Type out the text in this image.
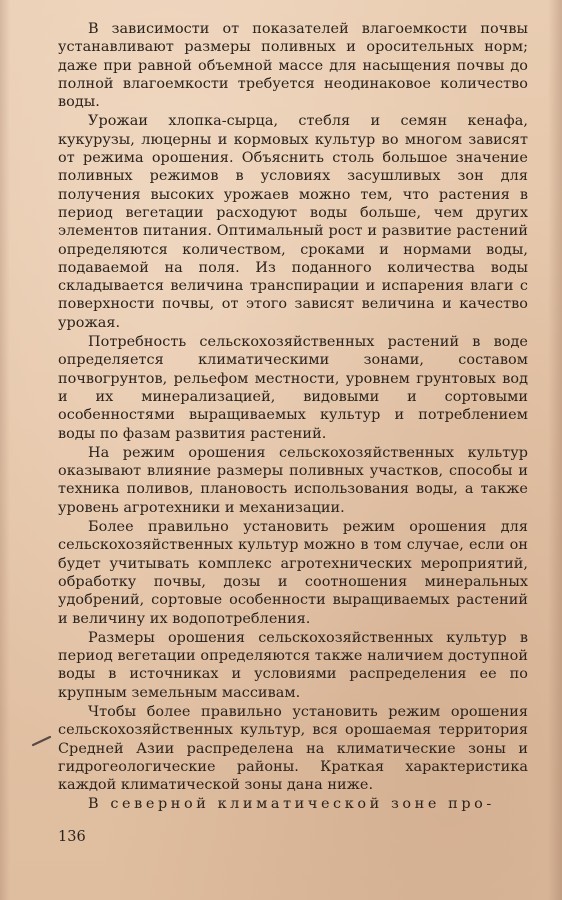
В зависимости от показателей влагоемкости почвы устанавливают размеры поливных и оросительных норм; даже при равной объемной массе для насыщения почвы до полной влагоемкости требуется неодинаковое количество воды.

Урожаи хлопка-сырца, стебля и семян кенафа, кукурузы, люцерны и кормовых культур во многом зависят от режима орошения. Объяснить столь большое значение поливных режимов в условиях засушливых зон для получения высоких урожаев можно тем, что растения в период вегетации расходуют воды больше, чем других элементов питания. Оптимальный рост и развитие растений определяются количеством, сроками и нормами воды, подаваемой на поля. Из поданного количества воды складывается величина транспирации и испарения влаги с поверхности почвы, от этого зависят величина и качество урожая.

Потребность сельскохозяйственных растений в воде определяется климатическими зонами, составом почвогрунтов, рельефом местности, уровнем грунтовых вод и их минерализацией, видовыми и сортовыми особенностями выращиваемых культур и потреблением воды по фазам развития растений.

На режим орошения сельскохозяйственных культур оказывают влияние размеры поливных участков, способы и техника поливов, плановость использования воды, а также уровень агротехники и механизации.

Более правильно установить режим орошения для сельскохозяйственных культур можно в том случае, если он будет учитывать комплекс агротехнических мероприятий, обработку почвы, дозы и соотношения минеральных удобрений, сортовые особенности выращиваемых растений и величину их водопотребления.

Размеры орошения сельскохозяйственных культур в период вегетации определяются также наличием доступной воды в источниках и условиями распределения ее по крупным земельным массивам.

Чтобы более правильно установить режим орошения сельскохозяйственных культур, вся орошаемая территория Средней Азии распределена на климатические зоны и гидрогеологические районы. Краткая характеристика каждой климатической зоны дана ниже.

В северной климатической зоне про-

136
